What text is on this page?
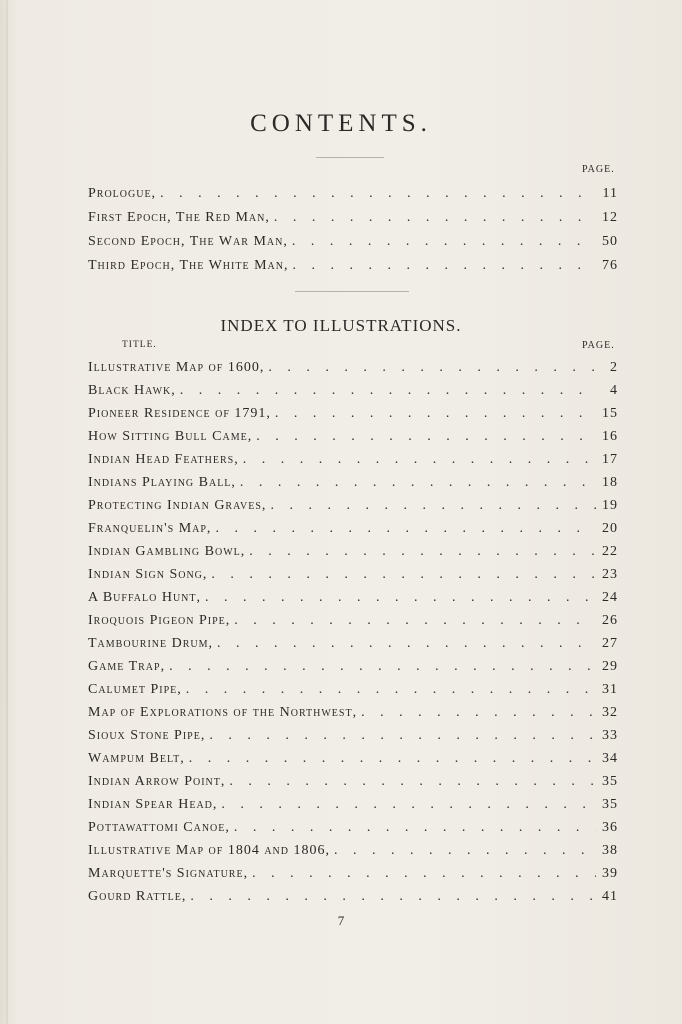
CONTENTS.
PAGE.
Prologue, . . .	11
First Epoch, The Red Man, . . .	12
Second Epoch, The War Man, . . .	50
Third Epoch, The White Man, . . .	76
INDEX TO ILLUSTRATIONS.
TITLE.	PAGE.
Illustrative Map of 1600, . . .	2
Black Hawk, . . .	4
Pioneer Residence of 1791, . . .	15
How Sitting Bull Came, . . .	16
Indian Head Feathers, . . .	17
Indians Playing Ball, . . .	18
Protecting Indian Graves, . . .	19
Franquelin's Map, . . .	20
Indian Gambling Bowl, . . .	22
Indian Sign Song, . . .	23
A Buffalo Hunt, . . .	24
Iroquois Pigeon Pipe, . . .	26
Tambourine Drum, . . .	27
Game Trap, . . .	29
Calumet Pipe, . . .	31
Map of Explorations of the Northwest, . . .	32
Sioux Stone Pipe, . . .	33
Wampum Belt, . . .	34
Indian Arrow Point, . . .	35
Indian Spear Head, . . .	35
Pottawattomi Canoe, . . .	36
Illustrative Map of 1804 and 1806, . . .	38
Marquette's Signature, . . .	39
Gourd Rattle, . . .	41
7
